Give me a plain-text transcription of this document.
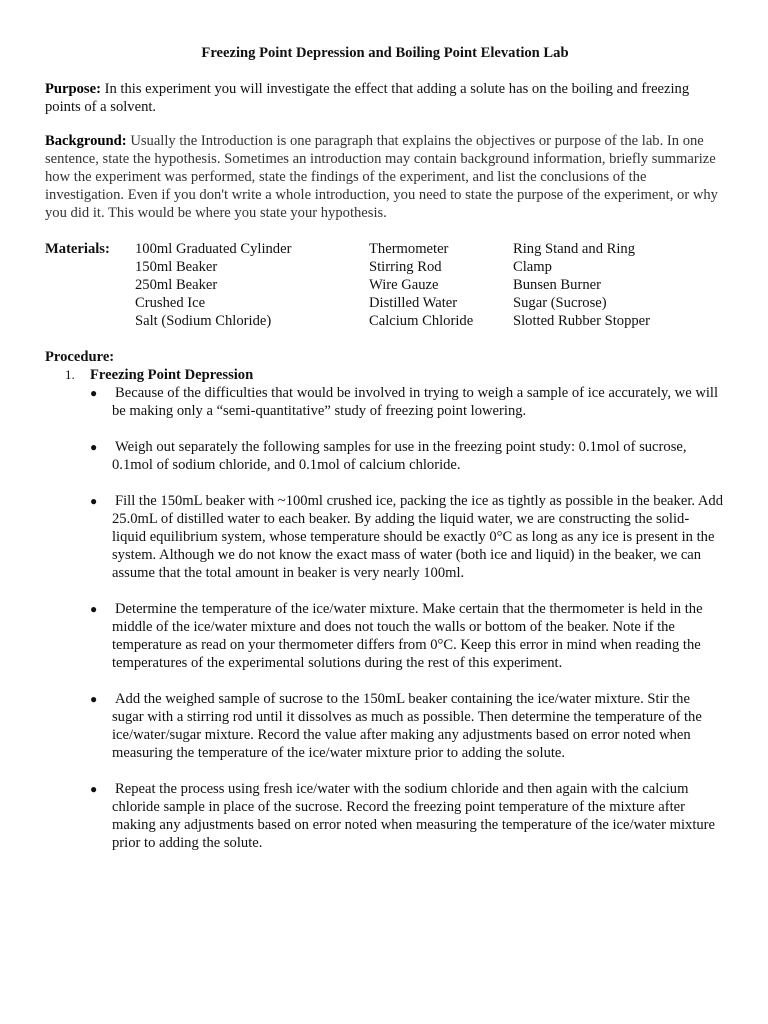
Freezing Point Depression and Boiling Point Elevation Lab

Purpose: In this experiment you will investigate the effect that adding a solute has on the boiling and freezing points of a solvent.

Background: Usually the Introduction is one paragraph that explains the objectives or purpose of the lab. In one sentence, state the hypothesis. Sometimes an introduction may contain background information, briefly summarize how the experiment was performed, state the findings of the experiment, and list the conclusions of the investigation. Even if you don't write a whole introduction, you need to state the purpose of the experiment, or why you did it. This would be where you state your hypothesis.

Materials:	100ml Graduated Cylinder
150ml Beaker
250ml Beaker
Crushed Ice
Salt (Sodium Chloride)
Thermometer
Stirring Rod
Wire Gauze
Distilled Water
Calcium Chloride
Ring Stand and Ring
Clamp
Bunsen Burner
Sugar (Sucrose)
Slotted Rubber Stopper

Procedure:

1.	Freezing Point Depression
● Because of the difficulties that would be involved in trying to weigh a sample of ice accurately, we will be making only a “semi-quantitative” study of freezing point lowering.
● Weigh out separately the following samples for use in the freezing point study: 0.1mol of sucrose, 0.1mol of sodium chloride, and 0.1mol of calcium chloride.
● Fill the 150mL beaker with ~100ml crushed ice, packing the ice as tightly as possible in the beaker. Add 25.0mL of distilled water to each beaker. By adding the liquid water, we are constructing the solid-liquid equilibrium system, whose temperature should be exactly 0°C as long as any ice is present in the system. Although we do not know the exact mass of water (both ice and liquid) in the beaker, we can assume that the total amount in beaker is very nearly 100ml.
● Determine the temperature of the ice/water mixture. Make certain that the thermometer is held in the middle of the ice/water mixture and does not touch the walls or bottom of the beaker. Note if the temperature as read on your thermometer differs from 0°C. Keep this error in mind when reading the temperatures of the experimental solutions during the rest of this experiment.
● Add the weighed sample of sucrose to the 150mL beaker containing the ice/water mixture. Stir the sugar with a stirring rod until it dissolves as much as possible. Then determine the temperature of the ice/water/sugar mixture. Record the value after making any adjustments based on error noted when measuring the temperature of the ice/water mixture prior to adding the solute.
● Repeat the process using fresh ice/water with the sodium chloride and then again with the calcium chloride sample in place of the sucrose. Record the freezing point temperature of the mixture after making any adjustments based on error noted when measuring the temperature of the ice/water mixture prior to adding the solute.
